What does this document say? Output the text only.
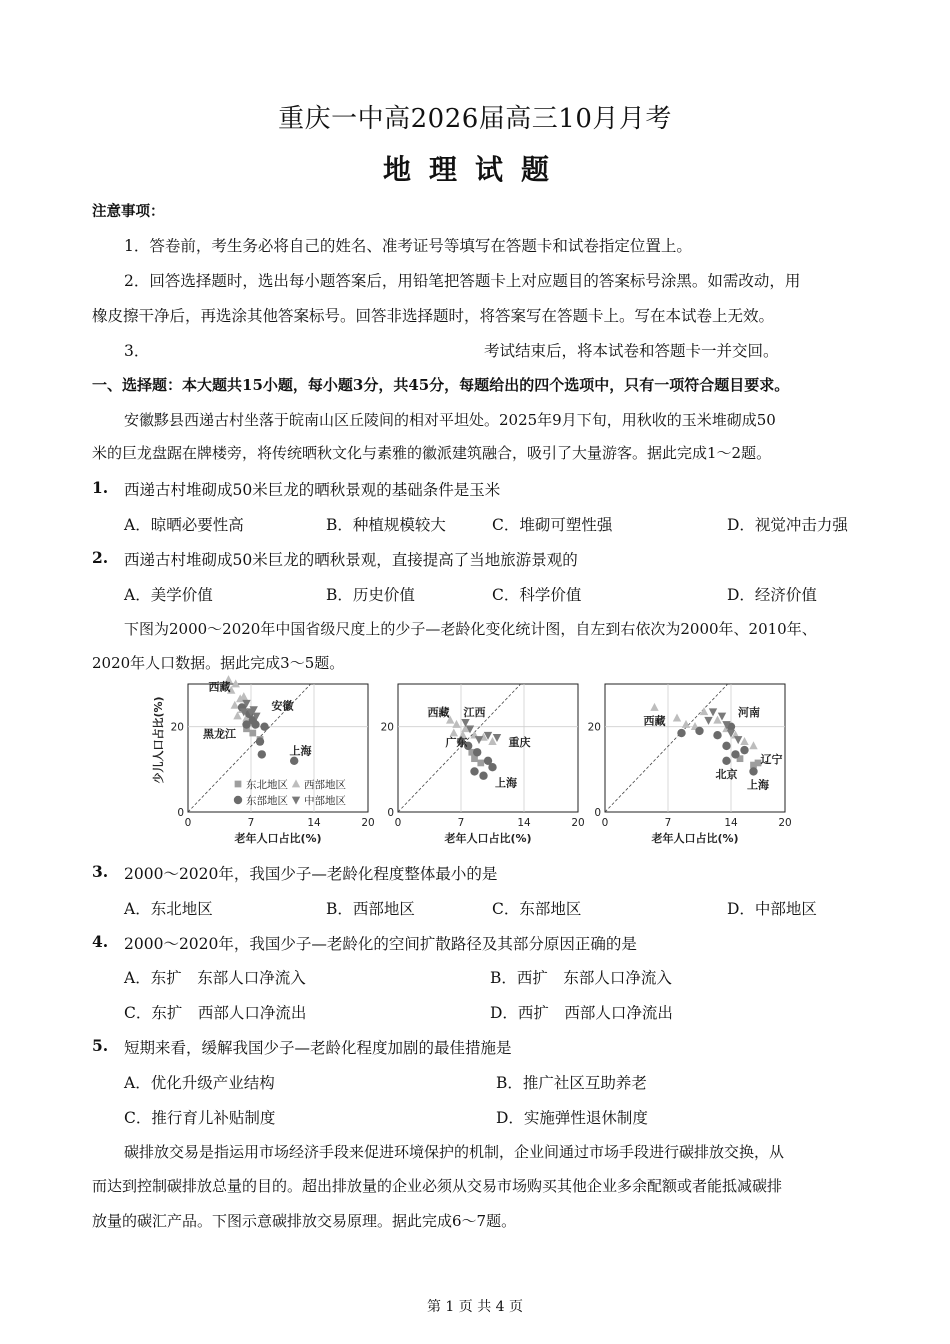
重庆一中高2026届高三10月月考
地理试题
注意事项：
1．答卷前，考生务必将自己的姓名、准考证号等填写在答题卡和试卷指定位置上。
2．回答选择题时，选出每小题答案后，用铅笔把答题卡上对应题目的答案标号涂黑。如需改动，用
橡皮擦干净后，再选涂其他答案标号。回答非选择题时，将答案写在答题卡上。写在本试卷上无效。
3．	考试结束后，将本试卷和答题卡一并交回。
一、选择题：本大题共15小题，每小题3分，共45分，每题给出的四个选项中，只有一项符合题目要求。
安徽黟县西递古村坐落于皖南山区丘陵间的相对平坦处。2025年9月下旬，用秋收的玉米堆砌成50
米的巨龙盘踞在牌楼旁，将传统晒秋文化与素雅的徽派建筑融合，吸引了大量游客。据此完成1～2题。
1. 西递古村堆砌成50米巨龙的晒秋景观的基础条件是玉米
A．晾晒必要性高	B．种植规模较大	C．堆砌可塑性强	D．视觉冲击力强
2. 西递古村堆砌成50米巨龙的晒秋景观，直接提高了当地旅游景观的
A．美学价值	B．历史价值	C．科学价值	D．经济价值
下图为2000～2020年中国省级尺度上的少子—老龄化变化统计图，自左到右依次为2000年、2010年、
2020年人口数据。据此完成3～5题。
0	7	14	20
0
20
老年人口占比(%)
少儿人口占比(%)
西藏
安徽
黑龙江
上海
东北地区 西部地区
东部地区 中部地区
0	7	14	20
0
20
老年人口占比(%)
西藏 江西
广东	重庆
上海
0	7	14	20
0
20
老年人口占比(%)
西藏
河南
辽宁
北京
上海
3. 2000～2020年，我国少子—老龄化程度整体最小的是
A．东北地区	B．西部地区	C．东部地区	D．中部地区
4. 2000～2020年，我国少子—老龄化的空间扩散路径及其部分原因正确的是
A．东扩　东部人口净流入	B．西扩　东部人口净流入
C．东扩　西部人口净流出	D．西扩　西部人口净流出
5. 短期来看，缓解我国少子—老龄化程度加剧的最佳措施是
A．优化升级产业结构	B．推广社区互助养老
C．推行育儿补贴制度	D．实施弹性退休制度
碳排放交易是指运用市场经济手段来促进环境保护的机制，企业间通过市场手段进行碳排放交换，从
而达到控制碳排放总量的目的。超出排放量的企业必须从交易市场购买其他企业多余配额或者能抵减碳排
放量的碳汇产品。下图示意碳排放交易原理。据此完成6～7题。
第 1 页 共 4 页
